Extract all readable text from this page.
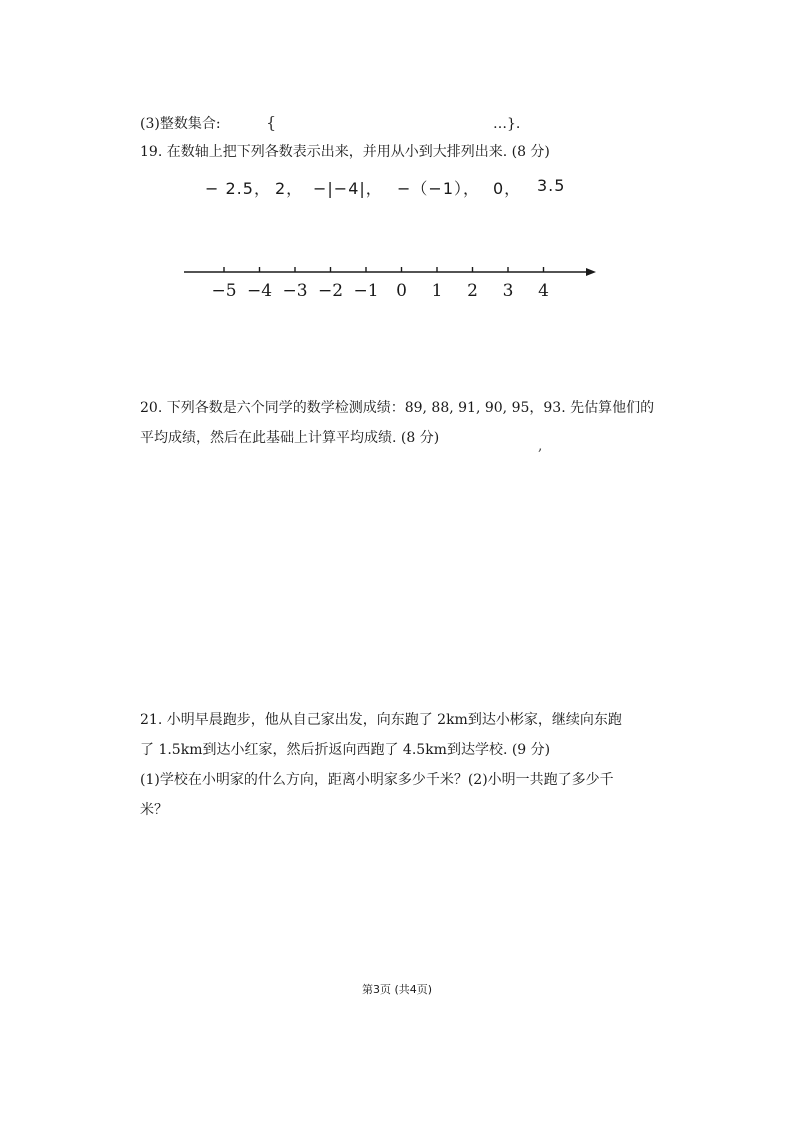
(3)整数集合:	{	…}.
19. 在数轴上把下列各数表示出来，并用从小到大排列出来. (8 分)
− 2.5， 2， −|−4|， −（−1）， 0， 3.5
−5 −4 −3 −2 −1 0 1 2 3 4
20. 下列各数是六个同学的数学检测成绩：89, 88, 91, 90, 95，93. 先估算他们的
平均成绩，然后在此基础上计算平均成绩. (8 分)	,
21. 小明早晨跑步，他从自己家出发，向东跑了 2km到达小彬家，继续向东跑
了 1.5km到达小红家，然后折返向西跑了 4.5km到达学校. (9 分)
(1)学校在小明家的什么方向，距离小明家多少千米？(2)小明一共跑了多少千
米？
第3页 (共4页)
